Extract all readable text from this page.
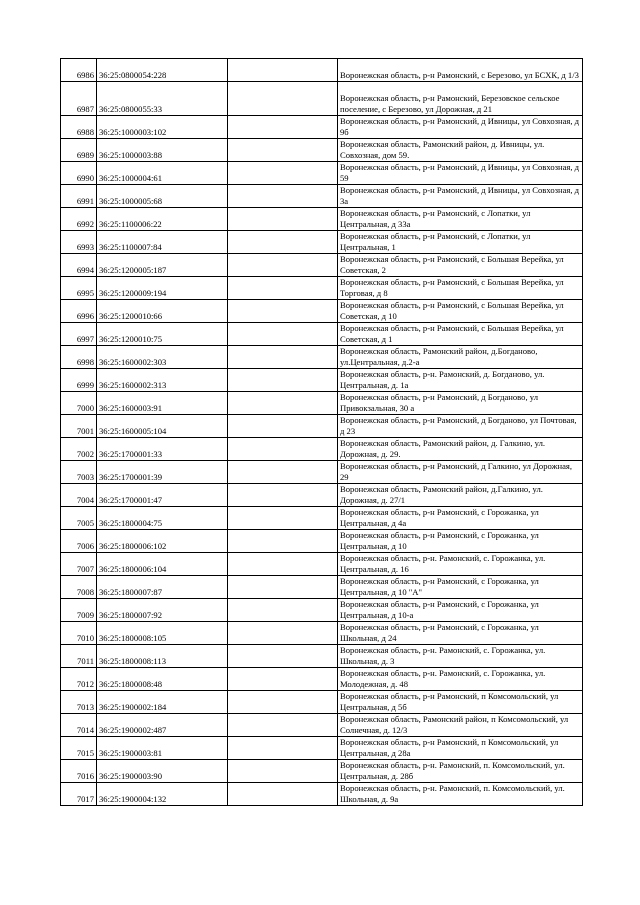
6986	36:25:0800054:228		Воронежская область, р-н Рамонский, с Березово, ул БСХК, д 1/3
6987	36:25:0800055:33		Воронежская область, р-н Рамонский, Березовское сельское поселение, с Березово, ул Дорожная, д 21
6988	36:25:1000003:102		Воронежская область, р-н Рамонский, д Ивницы, ул Совхозная, д 9б
6989	36:25:1000003:88		Воронежская область, Рамонский район, д. Ивницы, ул. Совхозная, дом 59.
6990	36:25:1000004:61		Воронежская область, р-н Рамонский, д Ивницы, ул Совхозная, д 59
6991	36:25:1000005:68		Воронежская область, р-н Рамонский, д Ивницы, ул Совхозная, д 3а
6992	36:25:1100006:22		Воронежская область, р-н Рамонский, с Лопатки, ул Центральная, д 33а
6993	36:25:1100007:84		Воронежская область, р-н Рамонский, с Лопатки, ул Центральная, 1
6994	36:25:1200005:187		Воронежская область, р-н Рамонский, с Большая Верейка, ул Советская, 2
6995	36:25:1200009:194		Воронежская область, р-н Рамонский, с Большая Верейка, ул Торговая, д 8
6996	36:25:1200010:66		Воронежская область, р-н Рамонский, с Большая Верейка, ул Советская, д 10
6997	36:25:1200010:75		Воронежская область, р-н Рамонский, с Большая Верейка, ул Советская, д 1
6998	36:25:1600002:303		Воронежская область, Рамонский район, д.Богданово, ул.Центральная, д.2-а
6999	36:25:1600002:313		Воронежская область, р-н. Рамонский, д. Богданово, ул. Центральная, д. 1а
7000	36:25:1600003:91		Воронежская область, р-н Рамонский, д Богданово, ул Привокзальная, 30 а
7001	36:25:1600005:104		Воронежская область, р-н Рамонский, д Богданово, ул Почтовая, д 23
7002	36:25:1700001:33		Воронежская область, Рамонский район, д. Галкино, ул. Дорожная, д. 29.
7003	36:25:1700001:39		Воронежская область, р-н Рамонский, д Галкино, ул Дорожная, 29
7004	36:25:1700001:47		Воронежская область, Рамонский район, д.Галкино, ул. Дорожная, д. 27/1
7005	36:25:1800004:75		Воронежская область, р-н Рамонский, с Горожанка, ул Центральная, д 4а
7006	36:25:1800006:102		Воронежская область, р-н Рамонский, с Горожанка, ул Центральная, д 10
7007	36:25:1800006:104		Воронежская область, р-н. Рамонский, с. Горожанка, ул. Центральная, д. 16
7008	36:25:1800007:87		Воронежская область, р-н Рамонский, с Горожанка, ул Центральная, д 10 "А"
7009	36:25:1800007:92		Воронежская область, р-н Рамонский, с Горожанка, ул Центральная, д 10-а
7010	36:25:1800008:105		Воронежская область, р-н Рамонский, с Горожанка, ул Школьная, д 24
7011	36:25:1800008:113		Воронежская область, р-н. Рамонский, с. Горожанка, ул. Школьная, д. 3
7012	36:25:1800008:48		Воронежская область, р-н. Рамонский, с. Горожанка, ул. Молодежная, д. 48
7013	36:25:1900002:184		Воронежская область, р-н Рамонский, п Комсомольский, ул Центральная, д 5б
7014	36:25:1900002:487		Воронежская область, Рамонский район, п Комсомольский, ул Солнечная, д. 12/3
7015	36:25:1900003:81		Воронежская область, р-н Рамонский, п Комсомольский, ул Центральная, д 28а
7016	36:25:1900003:90		Воронежская область, р-н. Рамонский, п. Комсомольский, ул. Центральная, д. 28б
7017	36:25:1900004:132		Воронежская область, р-н. Рамонский, п. Комсомольский, ул. Школьная, д. 9а
